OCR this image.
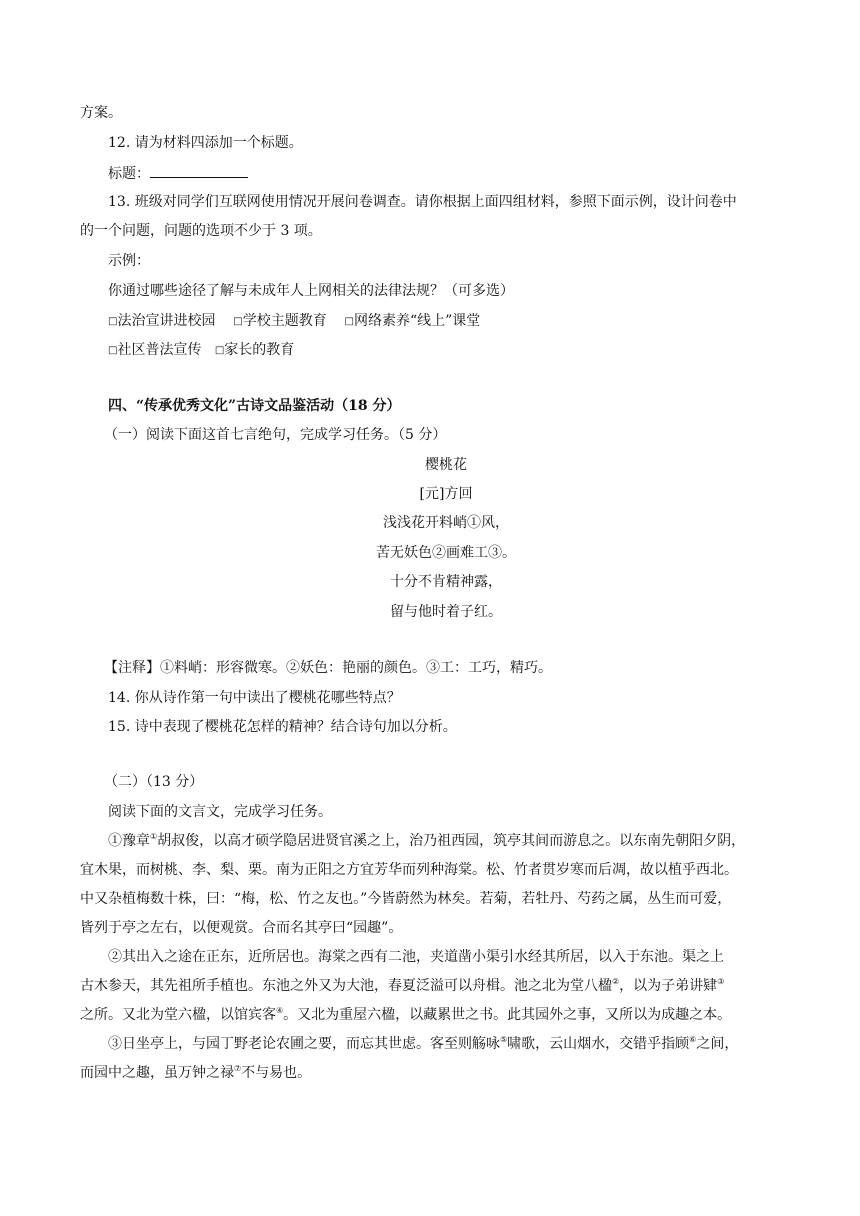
方案。
12. 请为材料四添加一个标题。
标题：
13. 班级对同学们互联网使用情况开展问卷调查。请你根据上面四组材料，参照下面示例，设计问卷中
的一个问题，问题的选项不少于 3 项。
示例：
你通过哪些途径了解与未成年人上网相关的法律法规？（可多选）
□法治宣讲进校园 □学校主题教育 □网络素养“线上”课堂
□社区普法宣传 □家长的教育
四、“传承优秀文化”古诗文品鉴活动（18 分）
（一）阅读下面这首七言绝句，完成学习任务。（5 分）
樱桃花
[元]方回
浅浅花开料峭①风，
苦无妖色②画难工③。
十分不肯精神露，
留与他时着子红。
【注释】①料峭：形容微寒。②妖色：艳丽的颜色。③工：工巧，精巧。
14. 你从诗作第一句中读出了樱桃花哪些特点？
15. 诗中表现了樱桃花怎样的精神？结合诗句加以分析。
（二）（13 分）
阅读下面的文言文，完成学习任务。
①豫章①胡叔俊，以高才硕学隐居进贤官溪之上，治乃祖西园，筑亭其间而游息之。以东南先朝阳夕阴，
宜木果，而树桃、李、梨、栗。南为正阳之方宜芳华而列种海棠。松、竹者贯岁寒而后凋，故以植乎西北。
中又杂植梅数十株，曰：“梅，松、竹之友也。”今皆蔚然为林矣。若菊，若牡丹、芍药之属，丛生而可爱，
皆列于亭之左右，以便观赏。合而名其亭曰“园趣”。
②其出入之途在正东，近所居也。海棠之西有二池，夹道凿小渠引水经其所居，以入于东池。渠之上
古木参天，其先祖所手植也。东池之外又为大池，春夏泛溢可以舟楫。池之北为堂八楹②，以为子弟讲肄③
之所。又北为堂六楹，以馆宾客④。又北为重屋六楹，以藏累世之书。此其园外之事，又所以为成趣之本。
③日坐亭上，与园丁野老论农圃之要，而忘其世虑。客至则觞咏⑤啸歌，云山烟水，交错乎指顾⑥之间，
而园中之趣，虽万钟之禄⑦不与易也。
